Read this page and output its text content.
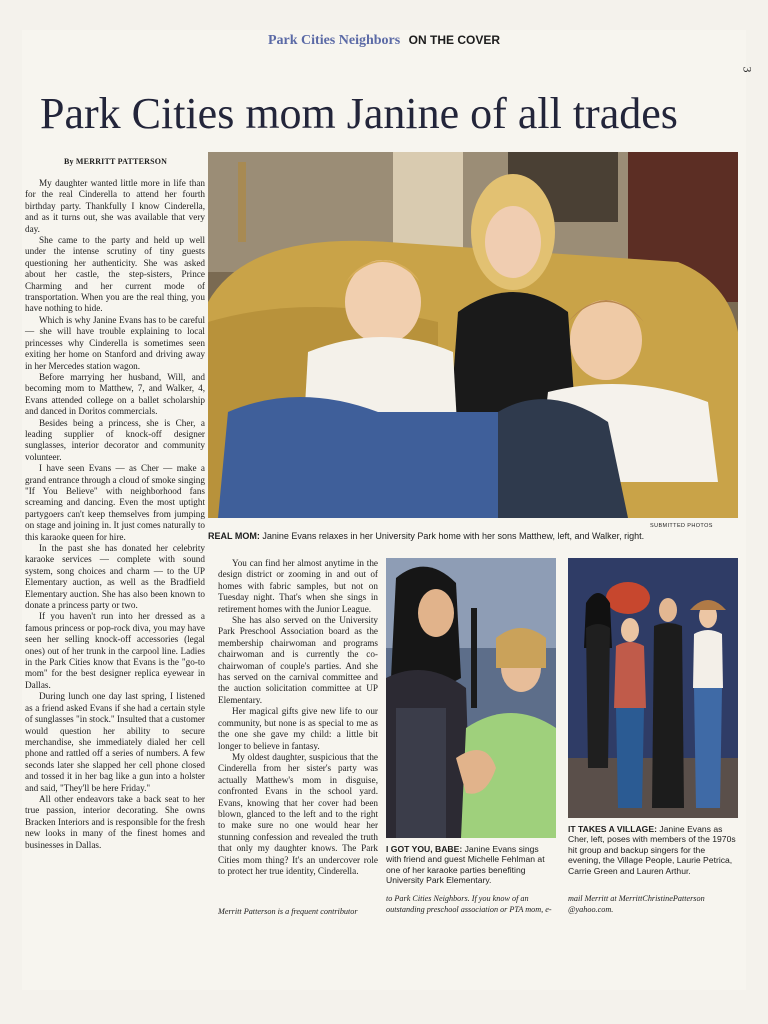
3
Park Cities Neighbors ON THE COVER
Park Cities mom Janine of all trades
By MERRITT PATTERSON

My daughter wanted little more in life than for the real Cinderella to attend her fourth birthday party. Thankfully I know Cinderella, and as it turns out, she was available that very day.

She came to the party and held up well under the intense scrutiny of tiny guests questioning her authenticity. She was asked about her castle, the step-sisters, Prince Charming and her current mode of transportation. When you are the real thing, you have nothing to hide.

Which is why Janine Evans has to be careful — she will have trouble explaining to local princesses why Cinderella is sometimes seen exiting her home on Stanford and driving away in her Mercedes station wagon.

Before marrying her husband, Will, and becoming mom to Matthew, 7, and Walker, 4, Evans attended college on a ballet scholarship and danced in Doritos commercials.

Besides being a princess, she is Cher, a leading supplier of knock-off designer sunglasses, interior decorator and community volunteer.

I have seen Evans — as Cher — make a grand entrance through a cloud of smoke singing "If You Believe" with neighborhood fans screaming and dancing. Even the most uptight partygoers can't keep themselves from jumping on stage and joining in. It just comes naturally to this karaoke queen for hire.

In the past she has donated her celebrity karaoke services — complete with sound system, song choices and charm — to the UP Elementary auction, as well as the Bradfield Elementary auction. She has also been known to donate a princess party or two.

If you haven't run into her dressed as a famous princess or pop-rock diva, you may have seen her selling knock-off accessories (legal ones) out of her trunk in the carpool line. Ladies in the Park Cities know that Evans is the "go-to mom" for the best designer replica eyewear in Dallas.

During lunch one day last spring, I listened as a friend asked Evans if she had a certain style of sunglasses "in stock." Insulted that a customer would question her ability to secure merchandise, she immediately dialed her cell phone and rattled off a series of numbers. A few seconds later she slapped her cell phone closed and tossed it in her bag like a gun into a holster and said, "They'll be here Friday."

All other endeavors take a back seat to her true passion, interior decorating. She owns Bracken Interiors and is responsible for the fresh new looks in many of the finest homes and businesses in Dallas.

SUBMITTED PHOTOS
REAL MOM: Janine Evans relaxes in her University Park home with her sons Matthew, left, and Walker, right.

You can find her almost anytime in the design district or zooming in and out of homes with fabric samples, but not on Tuesday night. That's when she sings in retirement homes with the Junior League.

She has also served on the University Park Preschool Association board as the membership chairwoman and programs chairwoman and is currently the co-chairwoman of couple's parties. And she has served on the carnival committee and the auction solicitation committee at UP Elementary.

Her magical gifts give new life to our community, but none is as special to me as the one she gave my child: a little bit longer to believe in fantasy.

My oldest daughter, suspicious that the Cinderella from her sister's party was actually Matthew's mom in disguise, confronted Evans in the school yard. Evans, knowing that her cover had been blown, glanced to the left and to the right to make sure no one would hear her stunning confession and revealed the truth that only my daughter knows. The Park Cities mom thing? It's an undercover role to protect her true identity, Cinderella.

I GOT YOU, BABE: Janine Evans sings with friend and guest Michelle Fehlman at one of her karaoke parties benefiting University Park Elementary.
IT TAKES A VILLAGE: Janine Evans as Cher, left, poses with members of the 1970s hit group and backup singers for the evening, the Village People, Laurie Petrica, Carrie Green and Lauren Arthur.
Merritt Patterson is a frequent contributor
to Park Cities Neighbors. If you know of an outstanding preschool association or PTA mom, e-
mail Merritt at MerrittChristinePatterson @yahoo.com.
